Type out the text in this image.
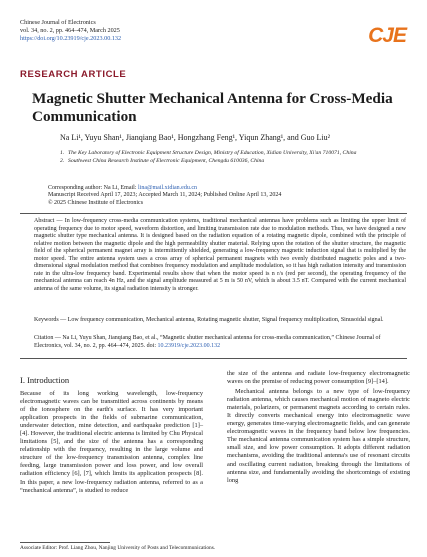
Chinese Journal of Electronics
vol. 34, no. 2, pp. 464–474, March 2025
https://doi.org/10.23919/cje.2023.00.132	CJE
RESEARCH ARTICLE
Magnetic Shutter Mechanical Antenna for Cross-Media Communication
Na Li¹, Yuyu Shan¹, Jianqiang Bao¹, Hongzhang Feng¹, Yiqun Zhang¹, and Guo Liu²
1. The Key Laboratory of Electronic Equipment Structure Design, Ministry of Education, Xidian University, Xi'an 710071, China
2. Southwest China Research Institute of Electronic Equipment, Chengdu 610036, China
Corresponding author: Na Li, Email: lina@mail.xidian.edu.cn
Manuscript Received April 17, 2023; Accepted March 11, 2024; Published Online April 13, 2024
© 2025 Chinese Institute of Electronics
Abstract — In low-frequency cross-media communication systems, traditional mechanical antennas have problems such as limiting the upper limit of operating frequency due to motor speed, waveform distortion, and limiting transmission rate due to modulation methods. Thus, we have designed a new magnetic shutter type mechanical antenna. It is designed based on the radiation equation of a rotating magnetic dipole, combined with the principle of relative motion between the magnetic dipole and the high permeability shutter material. Relying upon the rotation of the shutter structure, the magnetic field of the spherical permanent magnet array is intermittently shielded, generating a low-frequency magnetic induction signal that is multiplied by the motor speed. The entire antenna system uses a cross array of spherical permanent magnets with two evenly distributed magnetic poles and a two-dimensional signal modulation method that combines frequency modulation and amplitude modulation, so it has high radiation intensity and transmission rate in the ultra-low frequency band. Experimental results show that when the motor speed is n r/s (red per second), the operating frequency of the mechanical antenna can reach 4n Hz, and the signal amplitude measured at 5 m is 50 nV, which is about 3.5 nT. Compared with the current mechanical antenna of the same volume, its signal radiation intensity is stronger.
Keywords — Low frequency communication, Mechanical antenna, Rotating magnetic shutter, Signal frequency multiplication, Sinusoidal signal.
Citation — Na Li, Yuyu Shan, Jianqiang Bao, et al., “Magnetic shutter mechanical antenna for cross-media communication,” Chinese Journal of Electronics, vol. 34, no. 2, pp. 464–474, 2025. doi: 10.23919/cje.2023.00.132
I. Introduction

Because of its long working wavelength, low-frequency electromagnetic waves can be transmitted across continents by means of the ionosphere on the earth's surface. It has very important application prospects in the fields of submarine communication, underwater detection, mine detection, and earthquake prediction [1]–[4]. However, the traditional electric antenna is limited by Chu Physical limitations [5], and the size of the antenna has a corresponding relationship with the frequency, resulting in the large volume and structure of the low-frequency transmission antenna, complex line feeding, large transmission power and loss power, and low overall radiation efficiency [6], [7], which limits its application prospects [8]. In this paper, a new low-frequency radiation antenna, referred to as a “mechanical antenna”, is studied to reduce

the size of the antenna and radiate low-frequency electromagnetic waves on the premise of reducing power consumption [9]–[14].

Mechanical antenna belongs to a new type of low-frequency radiation antenna, which causes mechanical motion of magneto electric materials, polarizers, or permanent magnets according to certain rules. It directly converts mechanical energy into electromagnetic wave energy, generates time-varying electromagnetic fields, and can generate electromagnetic waves in the frequency band below low frequencies. The mechanical antenna communication system has a simple structure, small size, and low power consumption. It adopts different radiation mechanisms, avoiding the traditional antenna's use of resonant circuits and oscillating current radiation, breaking through the limitations of antenna size, and fundamentally avoiding the shortcomings of existing long

Associate Editor: Prof. Liang Zhou, Nanjing University of Posts and Telecommunications.
